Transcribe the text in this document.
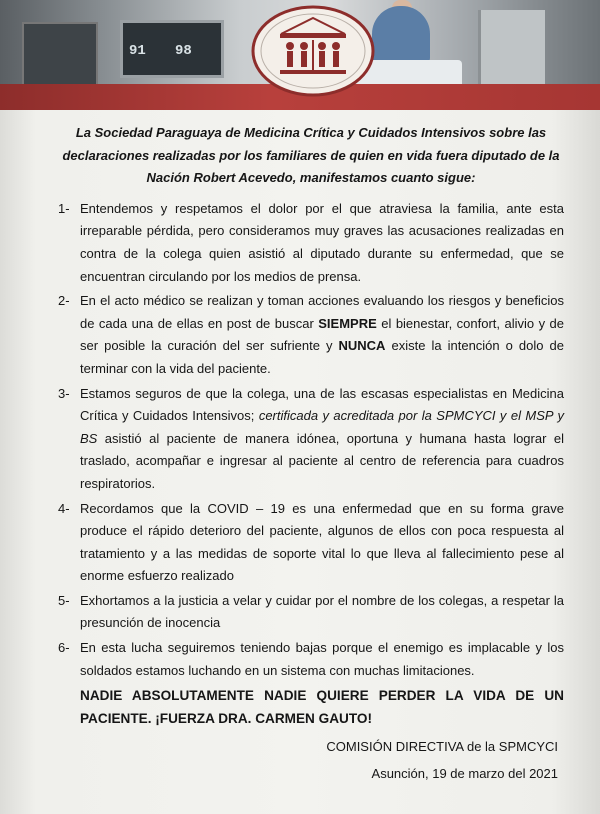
91 98

La Sociedad Paraguaya de Medicina Crítica y Cuidados Intensivos sobre las declaraciones realizadas por los familiares de quien en vida fuera diputado de la Nación Robert Acevedo, manifestamos cuanto sigue:

1- Entendemos y respetamos el dolor por el que atraviesa la familia, ante esta irreparable pérdida, pero consideramos muy graves las acusaciones realizadas en contra de la colega quien asistió al diputado durante su enfermedad, que se encuentran circulando por los medios de prensa.
2- En el acto médico se realizan y toman acciones evaluando los riesgos y beneficios de cada una de ellas en post de buscar SIEMPRE el bienestar, confort, alivio y de ser posible la curación del ser sufriente y NUNCA existe la intención o dolo de terminar con la vida del paciente.
3- Estamos seguros de que la colega, una de las escasas especialistas en Medicina Crítica y Cuidados Intensivos; certificada y acreditada por la SPMCYCI y el MSP y BS asistió al paciente de manera idónea, oportuna y humana hasta lograr el traslado, acompañar e ingresar al paciente al centro de referencia para cuadros respiratorios.
4- Recordamos que la COVID – 19 es una enfermedad que en su forma grave produce el rápido deterioro del paciente, algunos de ellos con poca respuesta al tratamiento y a las medidas de soporte vital lo que lleva al fallecimiento pese al enorme esfuerzo realizado
5- Exhortamos a la justicia a velar y cuidar por el nombre de los colegas, a respetar la presunción de inocencia
6- En esta lucha seguiremos teniendo bajas porque el enemigo es implacable y los soldados estamos luchando en un sistema con muchas limitaciones.

NADIE ABSOLUTAMENTE NADIE QUIERE PERDER LA VIDA DE UN PACIENTE. ¡FUERZA DRA. CARMEN GAUTO!

COMISIÓN DIRECTIVA de la SPMCYCI
Asunción, 19 de marzo del 2021
